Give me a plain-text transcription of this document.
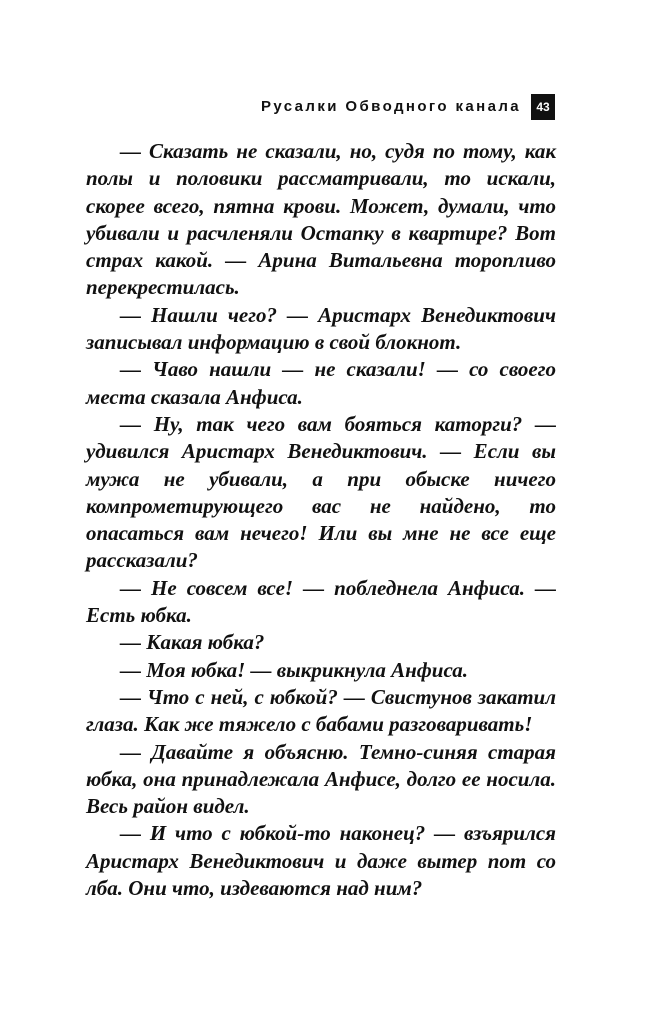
Русалки Обводного канала	43

— Сказать не сказали, но, судя по тому, как полы и половики рассматривали, то искали, скорее всего, пятна крови. Может, думали, что убивали и расчленяли Остапку в квартире? Вот страх какой. — Арина Витальевна торопливо перекрестилась.

— Нашли чего? — Аристарх Венедиктович записывал информацию в свой блокнот.

— Чаво нашли — не сказали! — со своего места сказала Анфиса.

— Ну, так чего вам бояться каторги? — удивился Аристарх Венедиктович. — Если вы мужа не убивали, а при обыске ничего компрометирующего вас не найдено, то опасаться вам нечего! Или вы мне не все еще рассказали?

— Не совсем все! — побледнела Анфиса. — Есть юбка.

— Какая юбка?

— Моя юбка! — выкрикнула Анфиса.

— Что с ней, с юбкой? — Свистунов закатил глаза. Как же тяжело с бабами разговаривать!

— Давайте я объясню. Темно-синяя старая юбка, она принадлежала Анфисе, долго ее носила. Весь район видел.

— И что с юбкой-то наконец? — взъярился Аристарх Венедиктович и даже вытер пот со лба. Они что, издеваются над ним?
